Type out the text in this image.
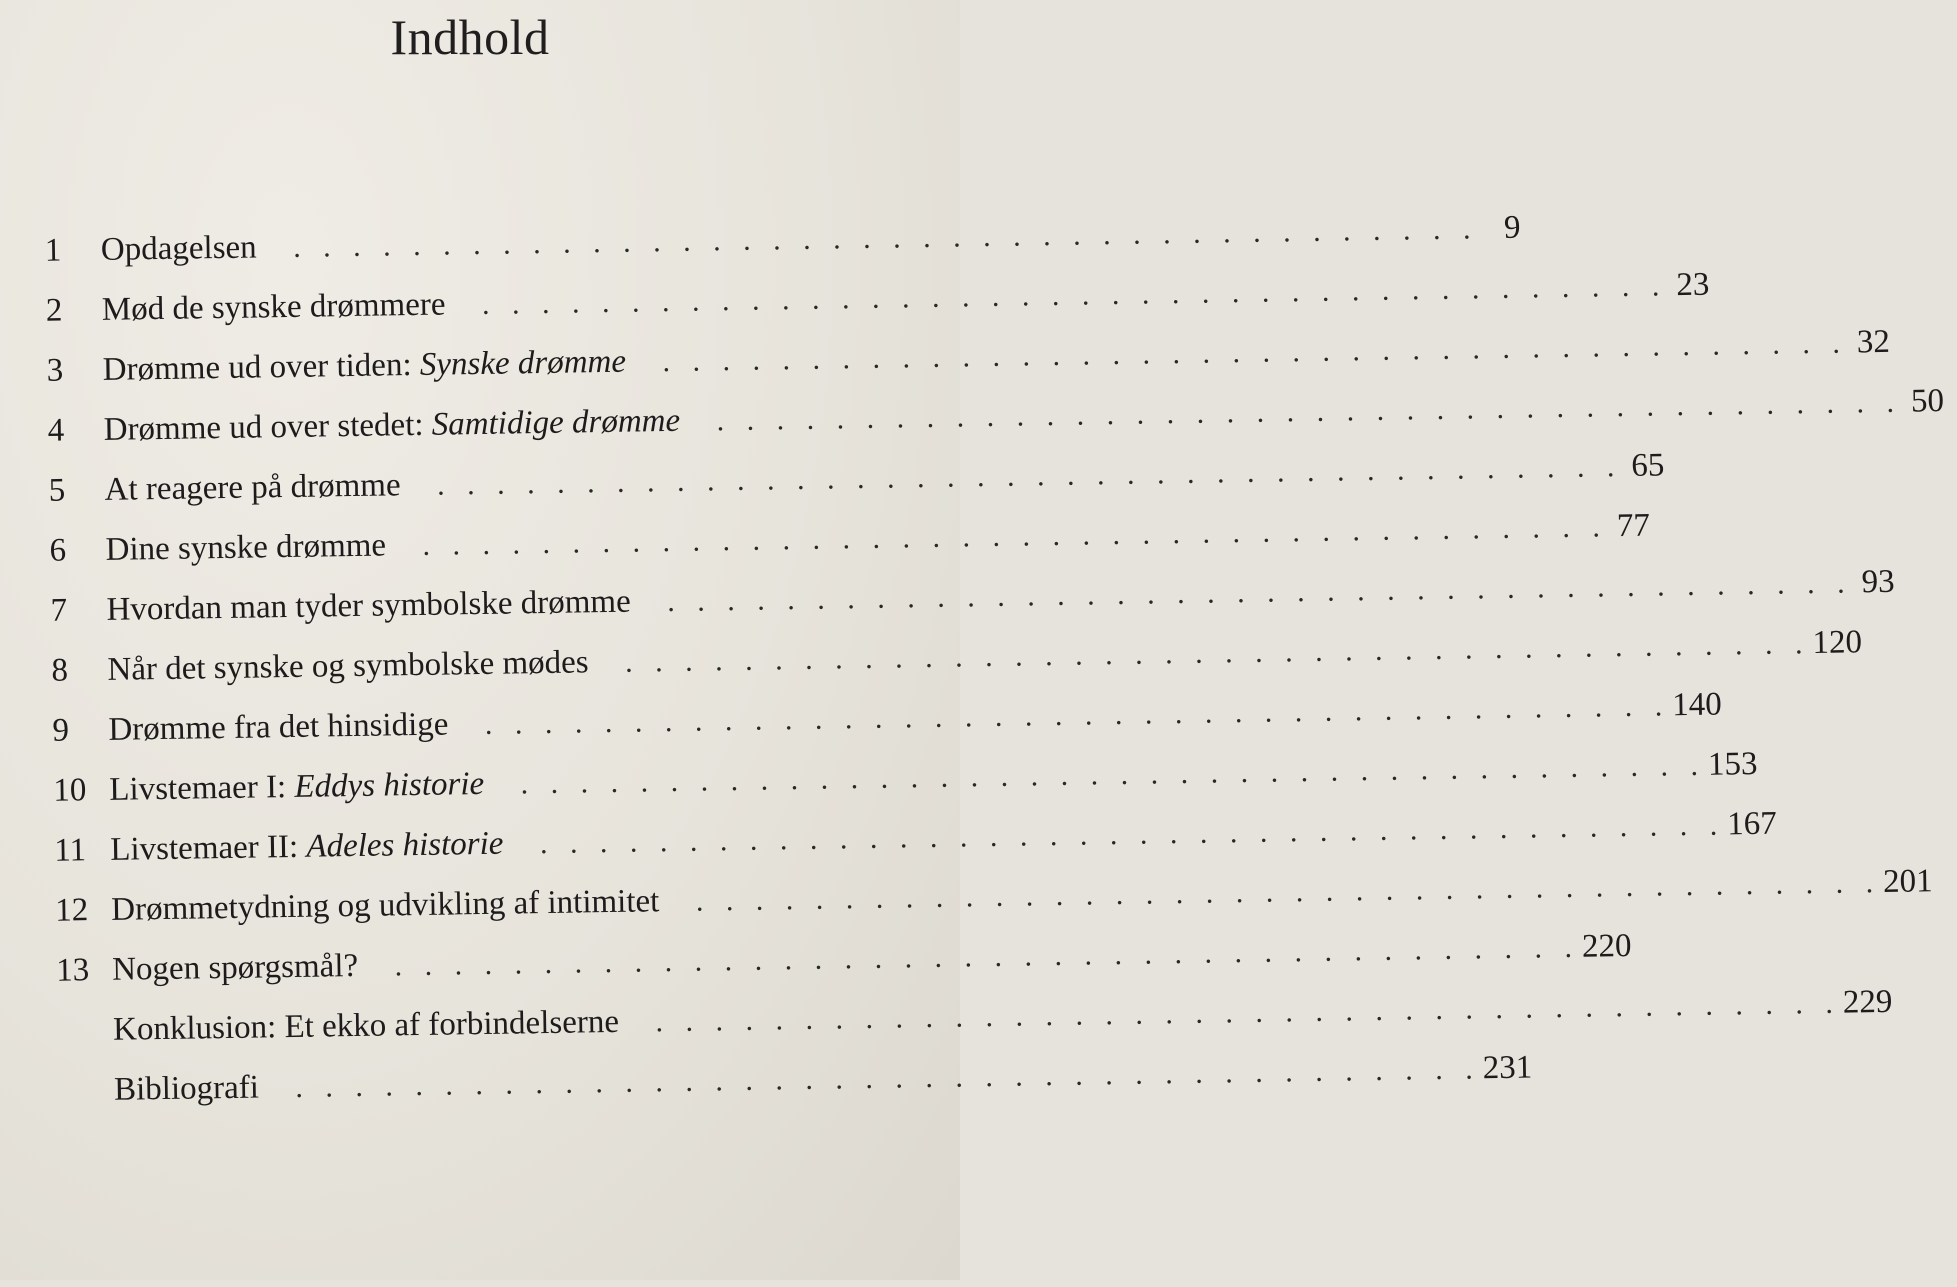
Indhold
1	Opdagelsen .   .   .   .   .   .   .   .   .   .   .   .   .   .   .   .   .   .   .   .   .   .   .   .   .   .   .   .   .   .   .   .   .   .   .   .   .   .   .   . 9
2	Mød de synske drømmere .   .   .   .   .   .   .   .   .   .   .   .   .   .   .   .   .   .   .   .   .   .   .   .   .   .   .   .   .   .   .   .   .   .   .   .   .   .   .   . 23
3	Drømme ud over tiden: Synske drømme .   .   .   .   .   .   .   .   .   .   .   .   .   .   .   .   .   .   .   .   .   .   .   .   .   .   .   .   .   .   .   .   .   .   .   .   .   .   .   . 32
4	Drømme ud over stedet: Samtidige drømme .   .   .   .   .   .   .   .   .   .   .   .   .   .   .   .   .   .   .   .   .   .   .   .   .   .   .   .   .   .   .   .   .   .   .   .   .   .   .   . 50
5	At reagere på drømme .   .   .   .   .   .   .   .   .   .   .   .   .   .   .   .   .   .   .   .   .   .   .   .   .   .   .   .   .   .   .   .   .   .   .   .   .   .   .   . 65
6	Dine synske drømme .   .   .   .   .   .   .   .   .   .   .   .   .   .   .   .   .   .   .   .   .   .   .   .   .   .   .   .   .   .   .   .   .   .   .   .   .   .   .   . 77
7	Hvordan man tyder symbolske drømme .   .   .   .   .   .   .   .   .   .   .   .   .   .   .   .   .   .   .   .   .   .   .   .   .   .   .   .   .   .   .   .   .   .   .   .   .   .   .   . 93
8	Når det synske og symbolske mødes .   .   .   .   .   .   .   .   .   .   .   .   .   .   .   .   .   .   .   .   .   .   .   .   .   .   .   .   .   .   .   .   .   .   .   .   .   .   .   . 120
9	Drømme fra det hinsidige .   .   .   .   .   .   .   .   .   .   .   .   .   .   .   .   .   .   .   .   .   .   .   .   .   .   .   .   .   .   .   .   .   .   .   .   .   .   .   . 140
10 Livstemaer I: Eddys historie .   .   .   .   .   .   .   .   .   .   .   .   .   .   .   .   .   .   .   .   .   .   .   .   .   .   .   .   .   .   .   .   .   .   .   .   .   .   .   . 153
11 Livstemaer II: Adeles historie .   .   .   .   .   .   .   .   .   .   .   .   .   .   .   .   .   .   .   .   .   .   .   .   .   .   .   .   .   .   .   .   .   .   .   .   .   .   .   . 167
12 Drømmetydning og udvikling af intimitet .   .   .   .   .   .   .   .   .   .   .   .   .   .   .   .   .   .   .   .   .   .   .   .   .   .   .   .   .   .   .   .   .   .   .   .   .   .   .   . 201
13 Nogen spørgsmål? .   .   .   .   .   .   .   .   .   .   .   .   .   .   .   .   .   .   .   .   .   .   .   .   .   .   .   .   .   .   .   .   .   .   .   .   .   .   .   . 220
Konklusion: Et ekko af forbindelserne .   .   .   .   .   .   .   .   .   .   .   .   .   .   .   .   .   .   .   .   .   .   .   .   .   .   .   .   .   .   .   .   .   .   .   .   .   .   .   . 229
Bibliografi .   .   .   .   .   .   .   .   .   .   .   .   .   .   .   .   .   .   .   .   .   .   .   .   .   .   .   .   .   .   .   .   .   .   .   .   .   .   .   . 231
